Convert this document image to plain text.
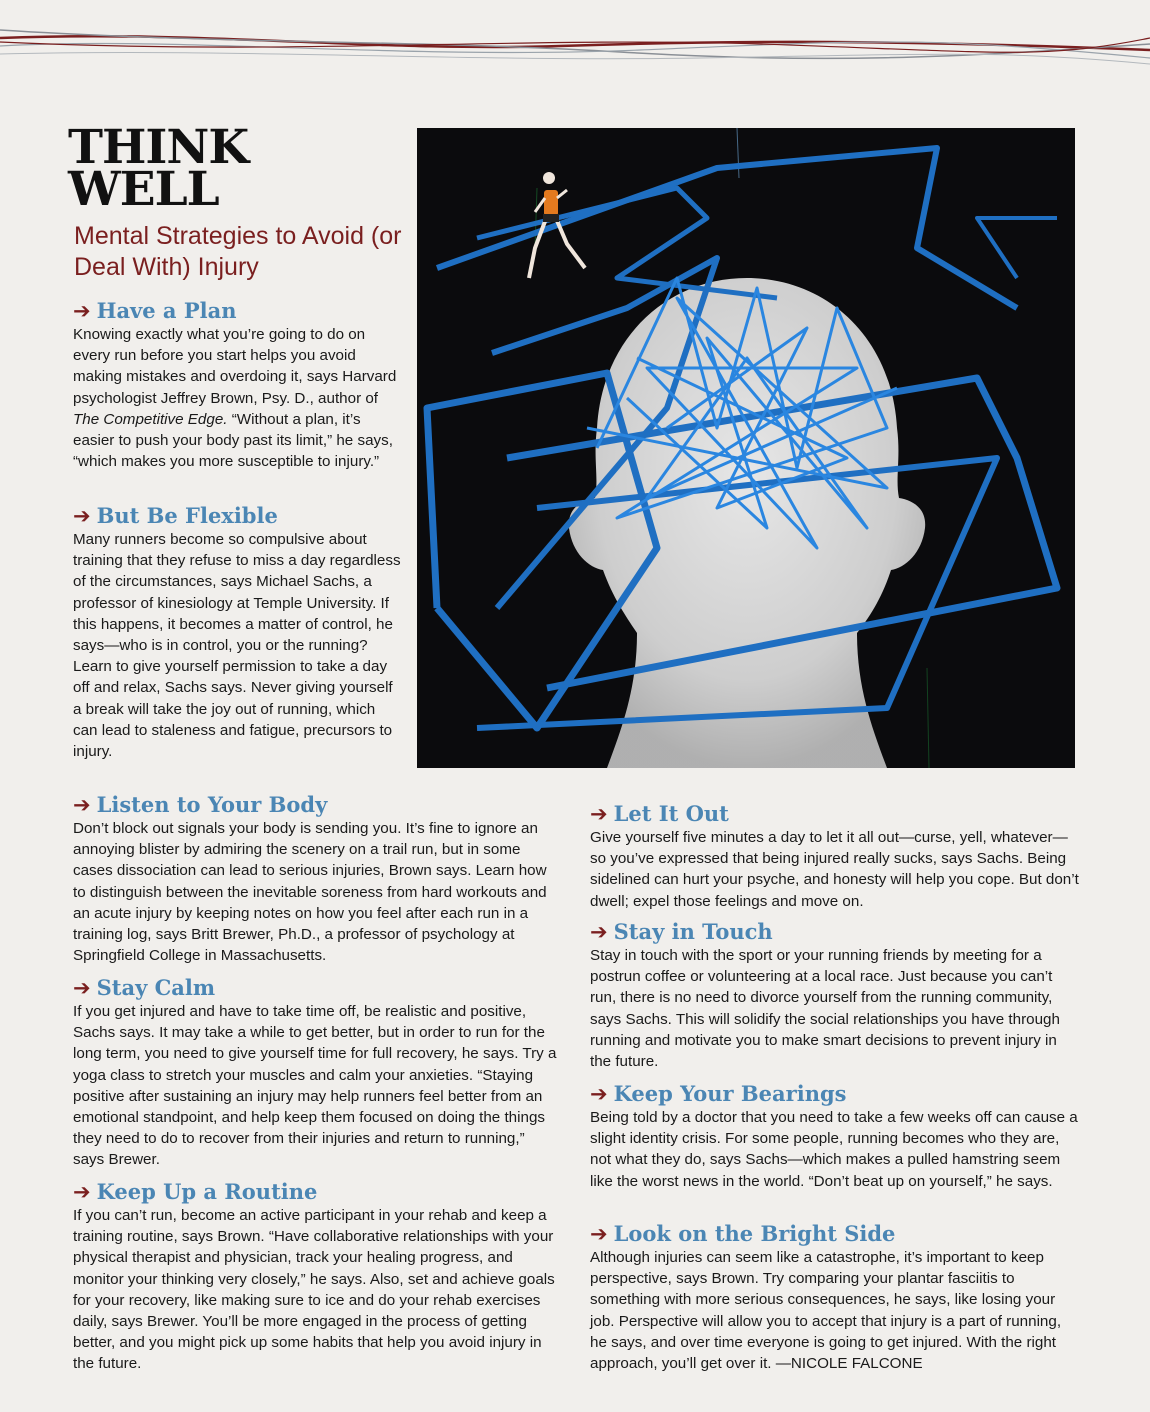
THINK WELL
Mental Strategies to Avoid (or Deal With) Injury
➔ Have a Plan

Knowing exactly what you’re going to do on every run before you start helps you avoid making mistakes and overdoing it, says Harvard psychologist Jeffrey Brown, Psy. D., author of The Competitive Edge. “Without a plan, it’s easier to push your body past its limit,” he says, “which makes you more susceptible to injury.”

➔ But Be Flexible

Many runners become so compulsive about training that they refuse to miss a day regardless of the circumstances, says Michael Sachs, a professor of kinesiology at Temple University. If this happens, it becomes a matter of control, he says—who is in control, you or the running? Learn to give yourself permission to take a day off and relax, Sachs says. Never giving yourself a break will take the joy out of running, which can lead to staleness and fatigue, precursors to injury.

➔ Listen to Your Body

Don’t block out signals your body is sending you. It’s fine to ignore an annoying blister by admiring the scenery on a trail run, but in some cases dissociation can lead to serious injuries, Brown says. Learn how to distinguish between the inevitable soreness from hard workouts and an acute injury by keeping notes on how you feel after each run in a training log, says Britt Brewer, Ph.D., a professor of psychology at Springfield College in Massachusetts.

➔ Stay Calm

If you get injured and have to take time off, be realistic and positive, Sachs says. It may take a while to get better, but in order to run for the long term, you need to give yourself time for full recovery, he says. Try a yoga class to stretch your muscles and calm your anxieties. “Staying positive after sustaining an injury may help runners feel better from an emotional standpoint, and help keep them focused on doing the things they need to do to recover from their injuries and return to running,” says Brewer.

➔ Keep Up a Routine

If you can’t run, become an active participant in your rehab and keep a training routine, says Brown. “Have collaborative relationships with your physical therapist and physician, track your healing progress, and monitor your thinking very closely,” he says. Also, set and achieve goals for your recovery, like making sure to ice and do your rehab exercises daily, says Brewer. You’ll be more engaged in the process of getting better, and you might pick up some habits that help you avoid injury in the future.

➔ Let It Out

Give yourself five minutes a day to let it all out—curse, yell, whatever—so you’ve expressed that being injured really sucks, says Sachs. Being sidelined can hurt your psyche, and honesty will help you cope. But don’t dwell; expel those feelings and move on.

➔ Stay in Touch

Stay in touch with the sport or your running friends by meeting for a postrun coffee or volunteering at a local race. Just because you can’t run, there is no need to divorce yourself from the running community, says Sachs. This will solidify the social relationships you have through running and motivate you to make smart decisions to prevent injury in the future.

➔ Keep Your Bearings

Being told by a doctor that you need to take a few weeks off can cause a slight identity crisis. For some people, running becomes who they are, not what they do, says Sachs—which makes a pulled hamstring seem like the worst news in the world. “Don’t beat up on yourself,” he says.

➔ Look on the Bright Side

Although injuries can seem like a catastrophe, it’s important to keep perspective, says Brown. Try comparing your plantar fasciitis to something with more serious consequences, he says, like losing your job. Perspective will allow you to accept that injury is a part of running, he says, and over time everyone is going to get injured. With the right approach, you’ll get over it. —NICOLE FALCONE
